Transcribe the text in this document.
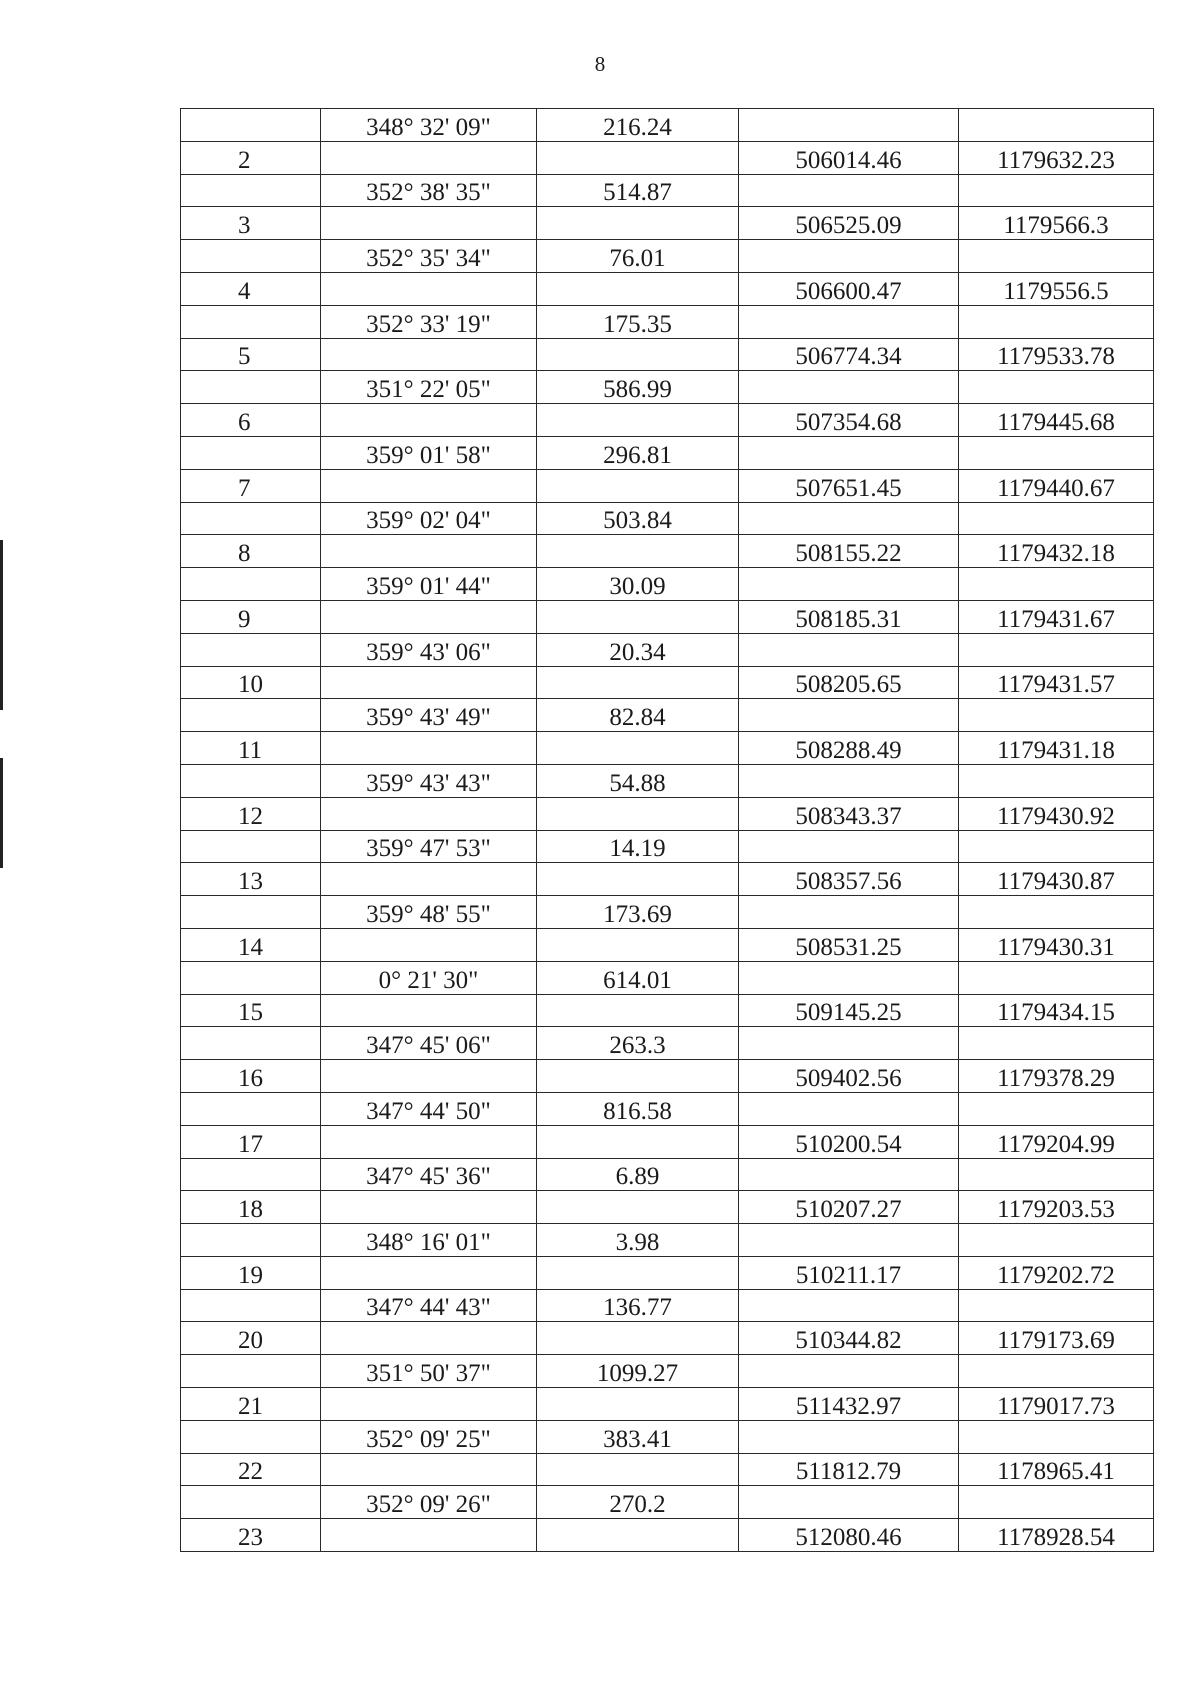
8

	348° 32' 09"	216.24		

2			506014.46	1179632.23

	352° 38' 35"	514.87		

3			506525.09	1179566.3

	352° 35' 34"	76.01		

4			506600.47	1179556.5

	352° 33' 19"	175.35		

5			506774.34	1179533.78

	351° 22' 05"	586.99		

6			507354.68	1179445.68

	359° 01' 58"	296.81		

7			507651.45	1179440.67

	359° 02' 04"	503.84		

8			508155.22	1179432.18

	359° 01' 44"	30.09		

9			508185.31	1179431.67

	359° 43' 06"	20.34		

10			508205.65	1179431.57

	359° 43' 49"	82.84		

11			508288.49	1179431.18

	359° 43' 43"	54.88		

12			508343.37	1179430.92

	359° 47' 53"	14.19		

13			508357.56	1179430.87

	359° 48' 55"	173.69		

14			508531.25	1179430.31

	0° 21' 30"	614.01		

15			509145.25	1179434.15

	347° 45' 06"	263.3		

16			509402.56	1179378.29

	347° 44' 50"	816.58		

17			510200.54	1179204.99

	347° 45' 36"	6.89		

18			510207.27	1179203.53

	348° 16' 01"	3.98		

19			510211.17	1179202.72

	347° 44' 43"	136.77		

20			510344.82	1179173.69

	351° 50' 37"	1099.27		

21			511432.97	1179017.73

	352° 09' 25"	383.41		

22			511812.79	1178965.41

	352° 09' 26"	270.2		

23			512080.46	1178928.54
